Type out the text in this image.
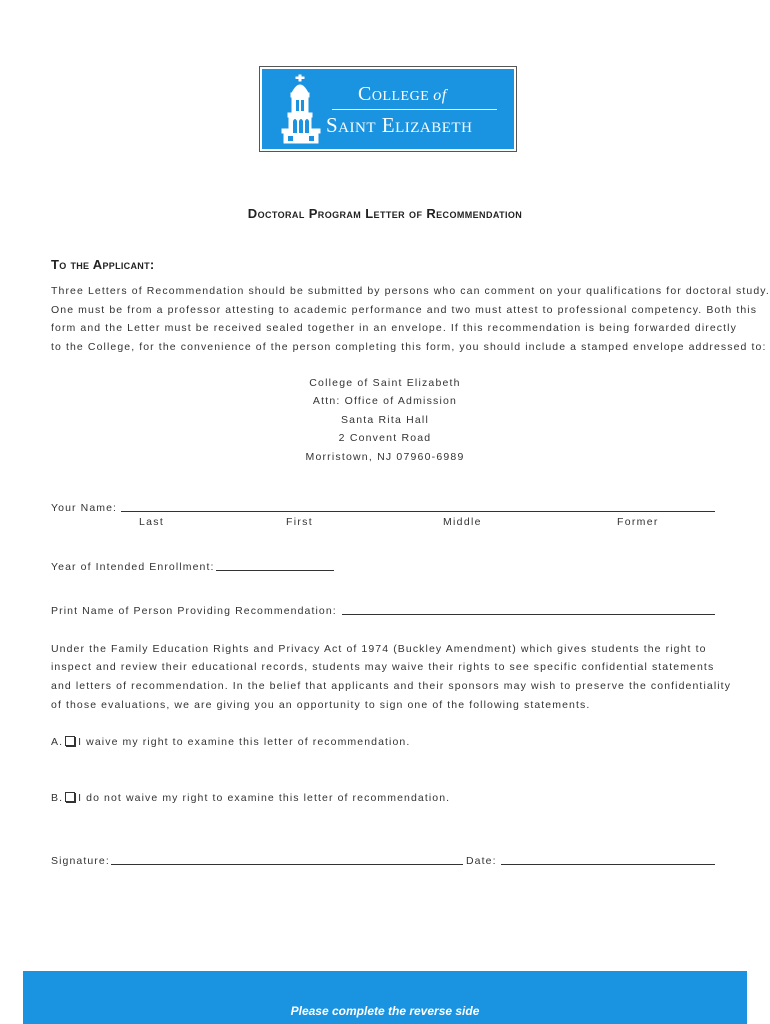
College of
Saint Elizabeth
Doctoral Program Letter of Recommendation
To the Applicant:
Three Letters of Recommendation should be submitted by persons who can comment on your qualifications for doctoral study.
One must be from a professor attesting to academic performance and two must attest to professional competency. Both this
form and the Letter must be received sealed together in an envelope. If this recommendation is being forwarded directly
to the College, for the convenience of the person completing this form, you should include a stamped envelope addressed to:
College of Saint Elizabeth
Attn: Office of Admission
Santa Rita Hall
2 Convent Road
Morristown, NJ 07960-6989
Your Name:
Last	First	Middle	Former
Year of Intended Enrollment:
Print Name of Person Providing Recommendation:
Under the Family Education Rights and Privacy Act of 1974 (Buckley Amendment) which gives students the right to
inspect and review their educational records, students may waive their rights to see specific confidential statements
and letters of recommendation. In the belief that applicants and their sponsors may wish to preserve the confidentiality
of those evaluations, we are giving you an opportunity to sign one of the following statements.
A. I waive my right to examine this letter of recommendation.
B. I do not waive my right to examine this letter of recommendation.
Signature:	Date:
Please complete the reverse side
